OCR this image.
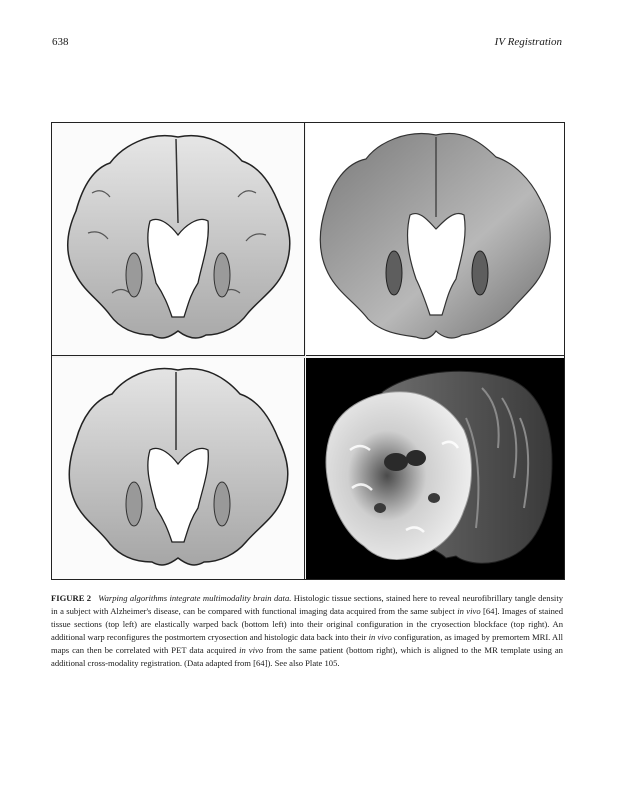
638	IV Registration
FIGURE 2 Warping algorithms integrate multimodality brain data. Histologic tissue sections, stained here to reveal neurofibrillary tangle density in a subject with Alzheimer's disease, can be compared with functional imaging data acquired from the same subject in vivo [64]. Images of stained tissue sections (top left) are elastically warped back (bottom left) into their original configuration in the cryosection blockface (top right). An additional warp reconfigures the postmortem cryosection and histologic data back into their in vivo configuration, as imaged by premortem MRI. All maps can then be correlated with PET data acquired in vivo from the same patient (bottom right), which is aligned to the MR template using an additional cross-modality registration. (Data adapted from [64]). See also Plate 105.
